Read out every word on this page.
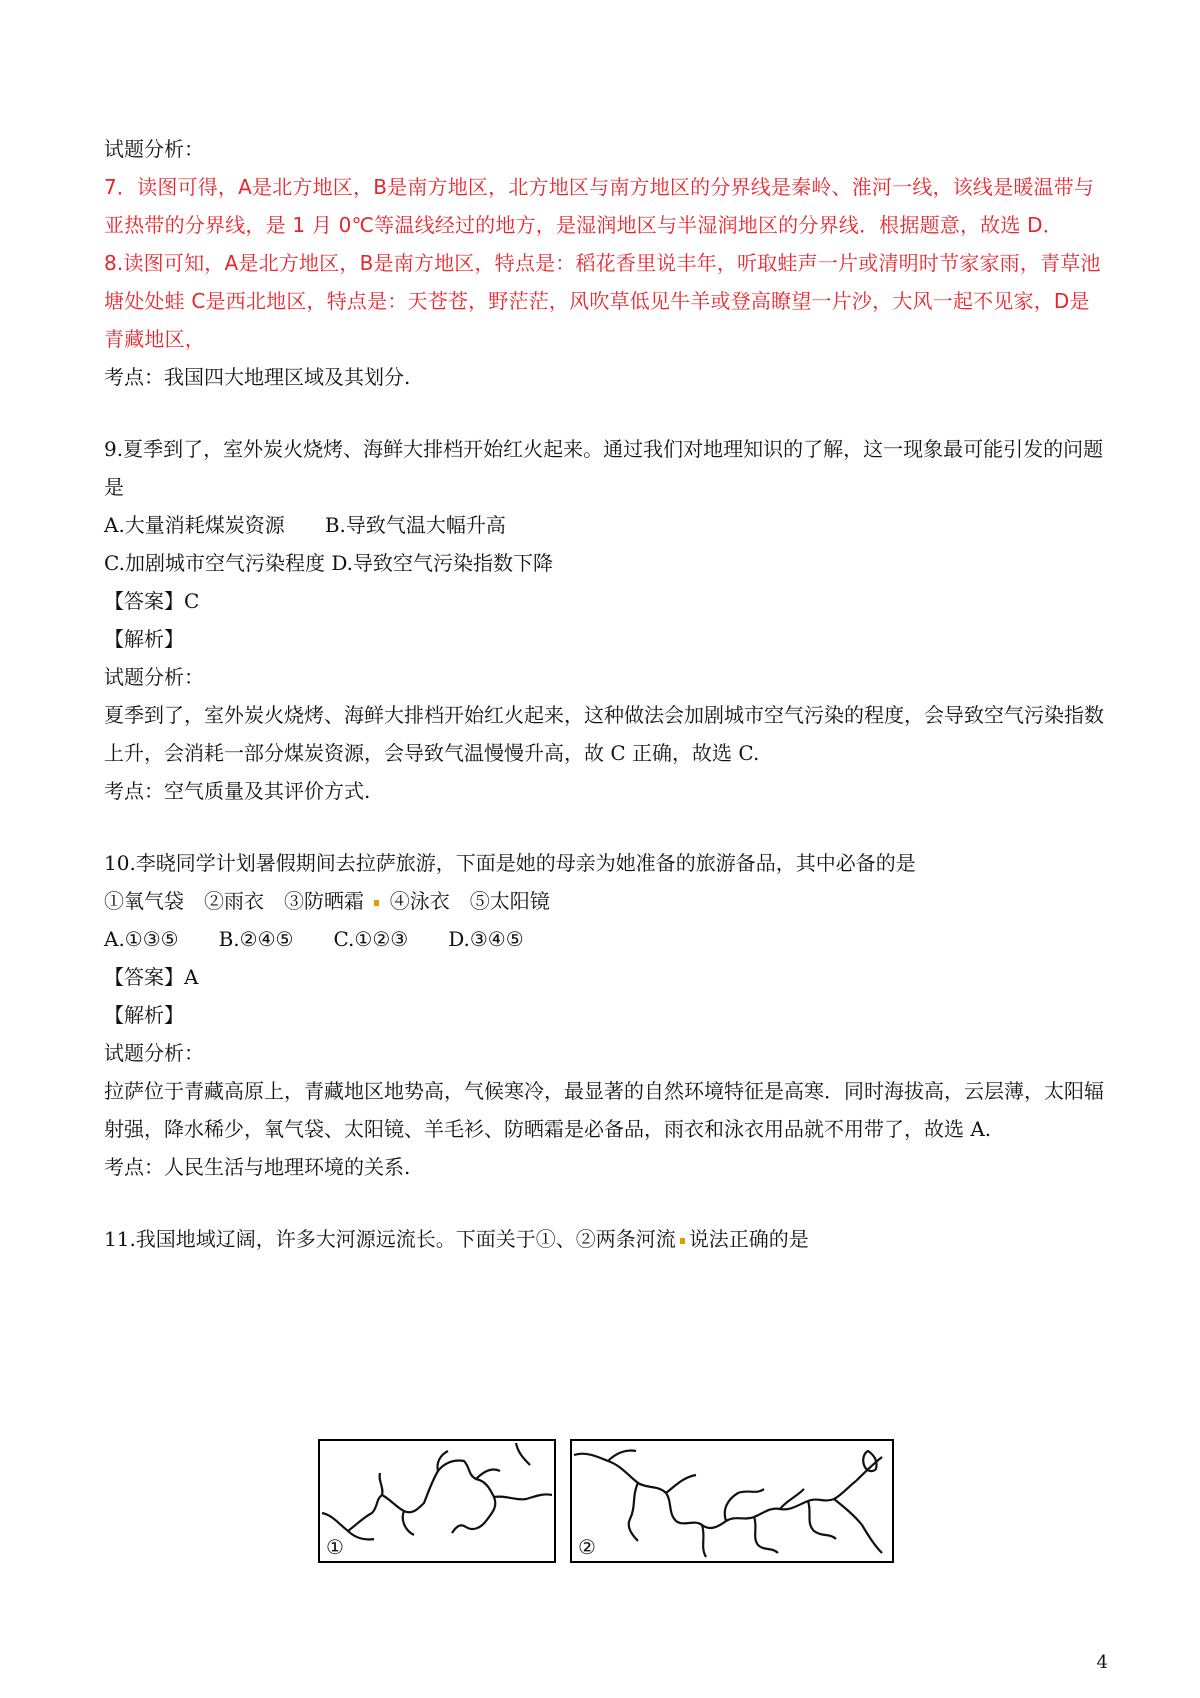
试题分析：
7．读图可得，A是北方地区，B是南方地区，北方地区与南方地区的分界线是秦岭、淮河一线，该线是暖温带与亚热带的分界线，是 1 月 0℃等温线经过的地方，是湿润地区与半湿润地区的分界线．根据题意，故选 D．
8.读图可知，A是北方地区，B是南方地区，特点是：稻花香里说丰年，听取蛙声一片或清明时节家家雨，青草池塘处处蛙 C是西北地区，特点是：天苍苍，野茫茫，风吹草低见牛羊或登高瞭望一片沙，大风一起不见家，D是青藏地区，
考点：我国四大地理区域及其划分.
9.夏季到了，室外炭火烧烤、海鲜大排档开始红火起来。通过我们对地理知识的了解，这一现象最可能引发的问题是
A.大量消耗煤炭资源 B.导致气温大幅升高
C.加剧城市空气污染程度 D.导致空气污染指数下降
【答案】C
【解析】
试题分析：
夏季到了，室外炭火烧烤、海鲜大排档开始红火起来，这种做法会加剧城市空气污染的程度，会导致空气污染指数上升，会消耗一部分煤炭资源，会导致气温慢慢升高，故 C 正确，故选 C.
考点：空气质量及其评价方式.
10.李晓同学计划暑假期间去拉萨旅游，下面是她的母亲为她准备的旅游备品，其中必备的是
①氧气袋　②雨衣　③防晒霜 ④泳衣　⑤太阳镜
A.①③⑤ B.②④⑤ C.①②③ D.③④⑤
【答案】A
【解析】
试题分析：
拉萨位于青藏高原上，青藏地区地势高，气候寒冷，最显著的自然环境特征是高寒．同时海拔高，云层薄，太阳辐射强，降水稀少，氧气袋、太阳镜、羊毛衫、防晒霜是必备品，雨衣和泳衣用品就不用带了，故选 A.
考点：人民生活与地理环境的关系.
11.我国地域辽阔，许多大河源远流长。下面关于①、②两条河流 说法正确的是
①	②
4
